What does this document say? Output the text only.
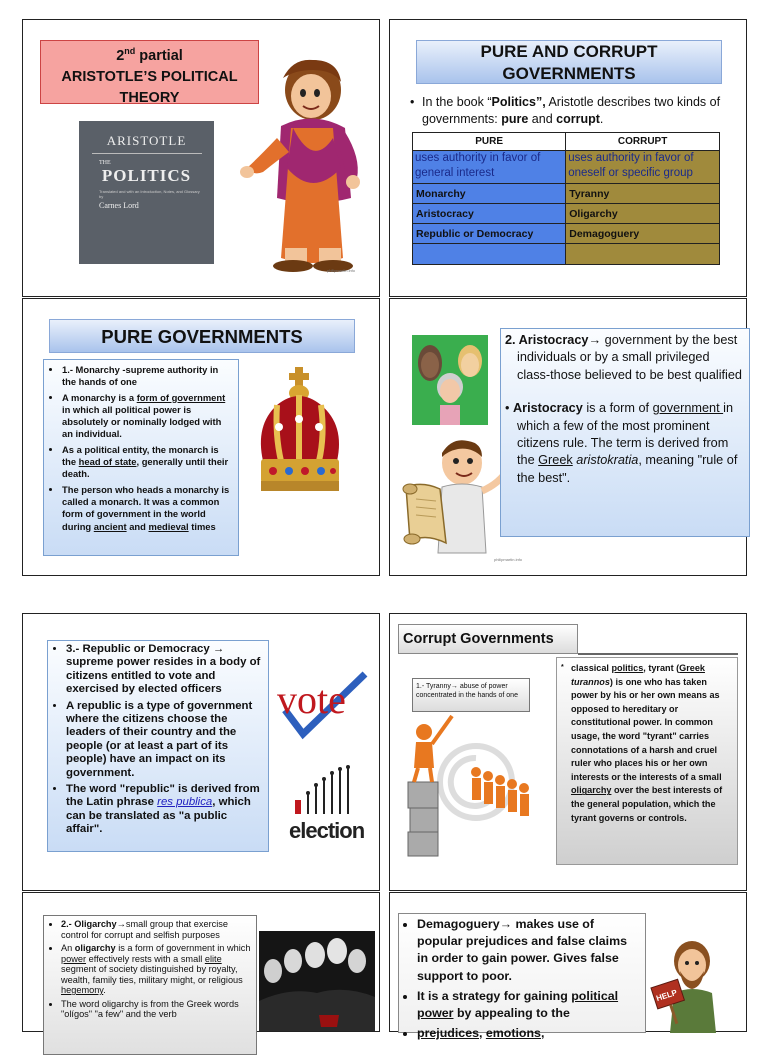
2nd partial
ARISTOTLE’S POLITICAL
THEORY
ARISTOTLE
THE
POLITICS
Translated and with an Introduction, Notes, and Glossary by
Carnes Lord
philipmartin.info
PURE AND CORRUPT
GOVERNMENTS
• In the book “Politics”, Aristotle describes two kinds of governments: pure and corrupt.
PURE	CORRUPT
uses authority in favor of general interest	uses authority in favor of oneself or specific group
Monarchy	Tyranny
Aristocracy	Oligarchy
Republic or Democracy	Demagoguery

PURE GOVERNMENTS
• 1.- Monarchy -supreme authority in the hands of one
• A monarchy is a form of government in which all political power is absolutely or nominally lodged with an individual.
• As a political entity, the monarch is the head of state, generally until their death.
• The person who heads a monarchy is called a monarch. It was a common form of government in the world during ancient and medieval times
philipmartin.info
2. Aristocracy→ government by the best individuals or by a small privileged class-those believed to be best qualified
• Aristocracy is a form of government in which a few of the most prominent citizens rule. The term is derived from the Greek aristokratia, meaning "rule of the best".
• 3.- Republic or Democracy → supreme power resides in a body of citizens entitled to vote and exercised by elected officers
• A republic is a type of government where the citizens choose the leaders of their country and the people (or at least a part of its people) have an impact on its government.
• The word "republic" is derived from the Latin phrase res publica, which can be translated as "a public affair".
vote
election
Corrupt Governments
1.- Tyranny→ abuse of power concentrated in the hands of one
* classical politics, tyrant (Greek turannos) is one who has taken power by his or her own means as opposed to hereditary or constitutional power. In common usage, the word "tyrant" carries connotations of a harsh and cruel ruler who places his or her own interests or the interests of a small oligarchy over the best interests of the general population, which the tyrant governs or controls.
• 2.- Oligarchy→small group that exercise control for corrupt and selfish purposes
• An oligarchy is a form of government in which power effectively rests with a small elite segment of society distinguished by royalty, wealth, family ties, military might, or religious hegemony.
• The word oligarchy is from the Greek words "olígos" "a few" and the verb
• Demagoguery→ makes use of popular prejudices and false claims in order to gain power. Gives false support to poor.
• It is a strategy for gaining political power by appealing to the
• prejudices, emotions,
HELP
